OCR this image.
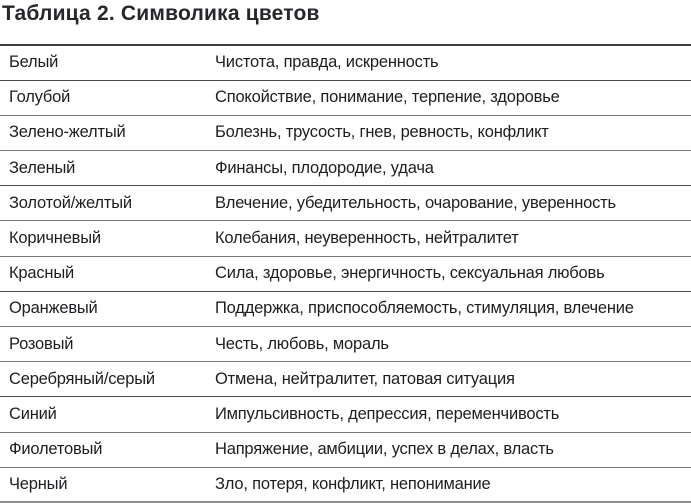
Таблица 2. Символика цветов
Белый	Чистота, правда, искренность
Голубой	Спокойствие, понимание, терпение, здоровье
Зелено-желтый	Болезнь, трусость, гнев, ревность, конфликт
Зеленый	Финансы, плодородие, удача
Золотой/желтый	Влечение, убедительность, очарование, уверенность
Коричневый	Колебания, неуверенность, нейтралитет
Красный	Сила, здоровье, энергичность, сексуальная любовь
Оранжевый	Поддержка, приспособляемость, стимуляция, влечение
Розовый	Честь, любовь, мораль
Серебряный/серый	Отмена, нейтралитет, патовая ситуация
Синий	Импульсивность, депрессия, переменчивость
Фиолетовый	Напряжение, амбиции, успех в делах, власть
Черный	Зло, потеря, конфликт, непонимание
